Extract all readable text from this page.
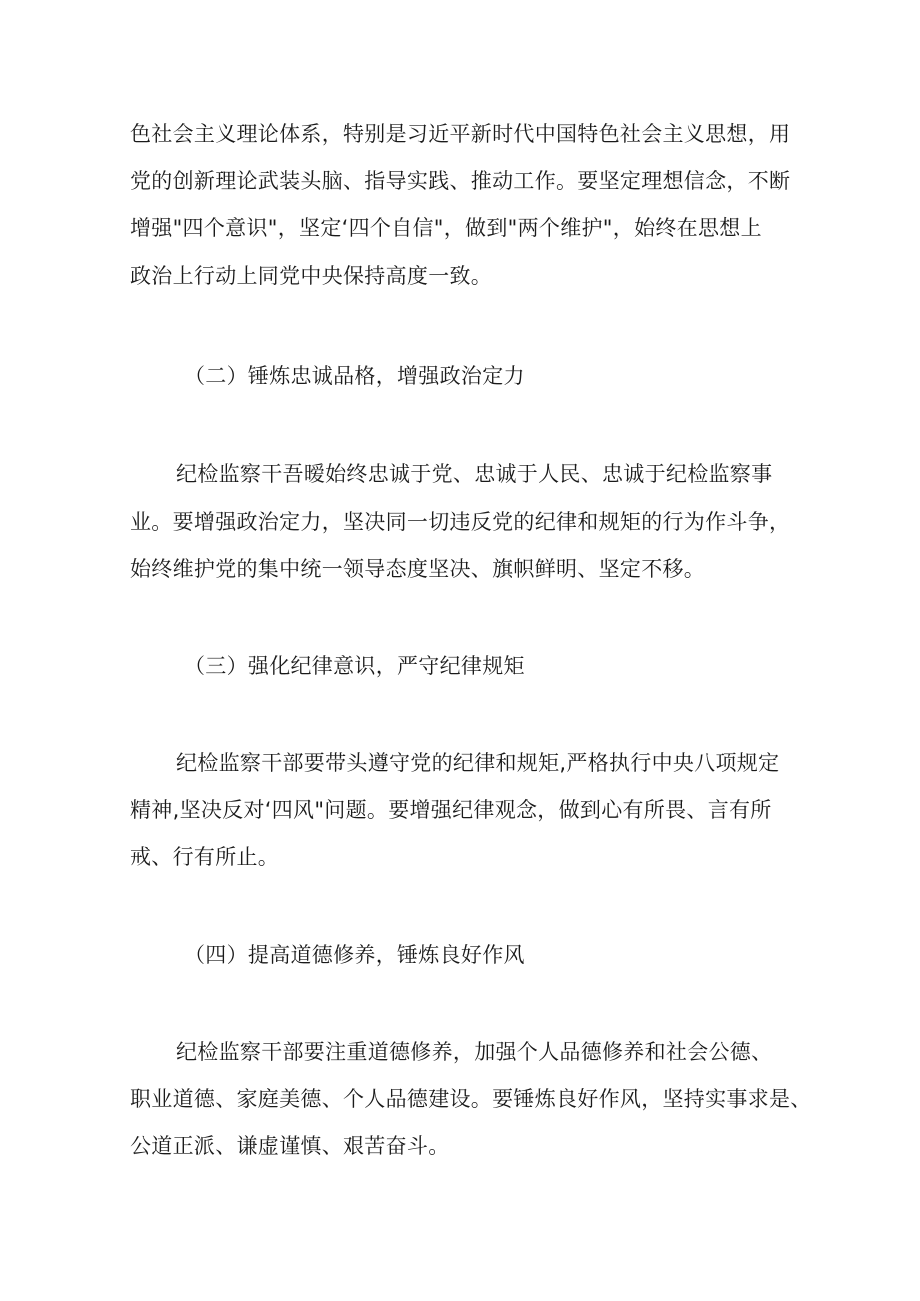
色社会主义理论体系，特别是习近平新时代中国特色社会主义思想，用
党的创新理论武装头脑、指导实践、推动工作。要坚定理想信念，不断
增强"四个意识"，坚定‘四个自信"，做到"两个维护"，始终在思想上
政治上行动上同党中央保持高度一致。
（二）锤炼忠诚品格，增强政治定力
纪检监察干吾暧始终忠诚于党、忠诚于人民、忠诚于纪检监察事
业。要增强政治定力，坚决同一切违反党的纪律和规矩的行为作斗争，
始终维护党的集中统一领导态度坚决、旗帜鲜明、坚定不移。
（三）强化纪律意识，严守纪律规矩
纪检监察干部要带头遵守党的纪律和规矩,严格执行中央八项规定
精神,坚决反对‘四风"问题。要增强纪律观念，做到心有所畏、言有所
戒、行有所止。
（四）提高道德修养，锤炼良好作风
纪检监察干部要注重道德修养，加强个人品德修养和社会公德、
职业道德、家庭美德、个人品德建设。要锤炼良好作风，坚持实事求是、
公道正派、谦虚谨慎、艰苦奋斗。
